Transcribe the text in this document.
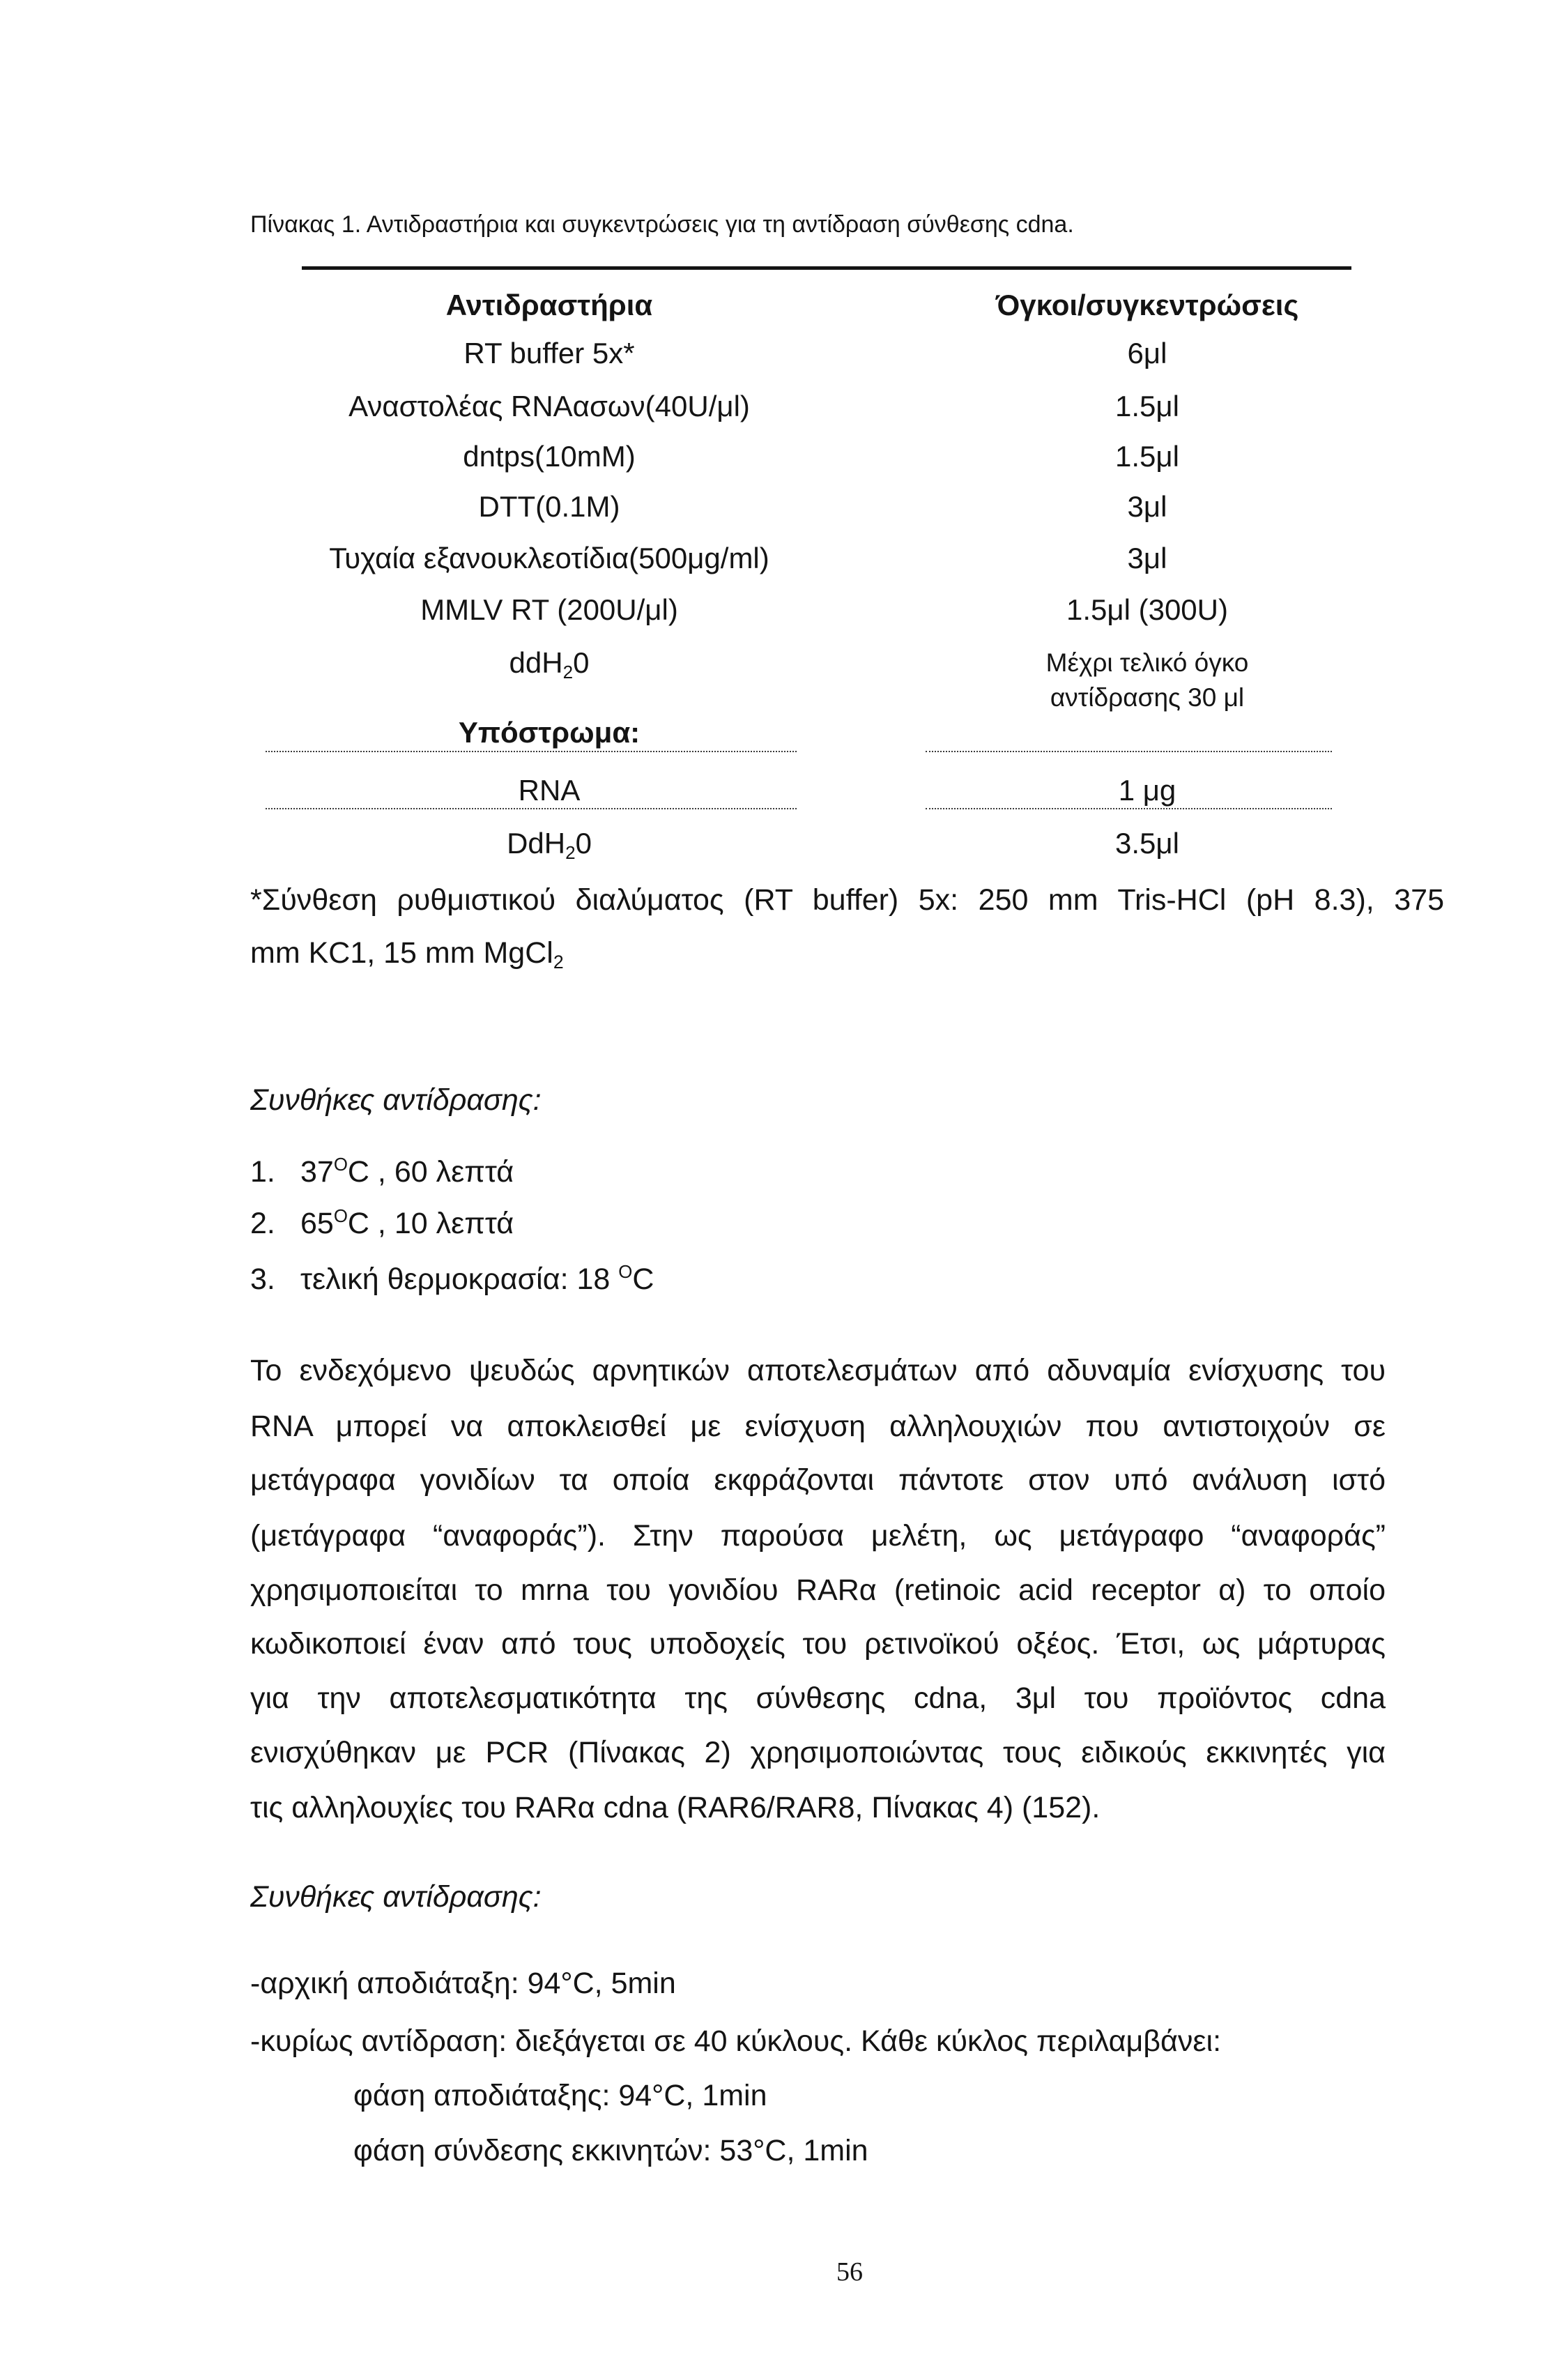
Πίνακας 1. Αντιδραστήρια και συγκεντρώσεις για τη αντίδραση σύνθεσης cdna.
Αντιδραστήρια	Όγκοι/συγκεντρώσεις
RT buffer 5x*	6μl
Αναστολέας RNAασων(40U/μl)	1.5μl
dntps(10mM)	1.5μl
DTT(0.1M)	3μl
Τυχαία εξανουκλεοτίδια(500μg/ml)	3μl
MMLV RT (200U/μl)	1.5μl (300U)
ddH20	Μέχρι τελικό όγκο
αντίδρασης 30 μl
Υπόστρωμα:
RNA	1 μg
DdH20	3.5μl
*Σύνθεση ρυθμιστικού διαλύματος (RT buffer) 5x: 250 mm Tris-HCl (pH 8.3), 375
mm KC1, 15 mm MgCl2
Συνθήκες αντίδρασης:
1. $37^OC$ , 60 λεπτά
2. $65^OC$ , 10 λεπτά
3. τελική θερμοκρασία: 18 $^O$C
Το ενδεχόμενο ψευδώς αρνητικών αποτελεσμάτων από αδυναμία ενίσχυσης του
RNA μπορεί να αποκλεισθεί με ενίσχυση αλληλουχιών που αντιστοιχούν σε
μετάγραφα γονιδίων τα οποία εκφράζονται πάντοτε στον υπό ανάλυση ιστό
(μετάγραφα “αναφοράς”). Στην παρούσα μελέτη, ως μετάγραφο “αναφοράς”
χρησιμοποιείται το mrna του γονιδίου RARα (retinoic acid receptor α) το οποίο
κωδικοποιεί έναν από τους υποδοχείς του ρετινοϊκού οξέος. Έτσι, ως μάρτυρας
για την αποτελεσματικότητα της σύνθεσης cdna, 3μl του προϊόντος cdna
ενισχύθηκαν με PCR (Πίνακας 2) χρησιμοποιώντας τους ειδικούς εκκινητές για
τις αλληλουχίες του RARα cdna (RAR6/RAR8, Πίνακας 4) (152).
Συνθήκες αντίδρασης:
-αρχική αποδιάταξη: 94°C, 5min
-κυρίως αντίδραση: διεξάγεται σε 40 κύκλους. Κάθε κύκλος περιλαμβάνει:
φάση αποδιάταξης: 94°C, 1min
φάση σύνδεσης εκκινητών: 53°C, 1min
56
